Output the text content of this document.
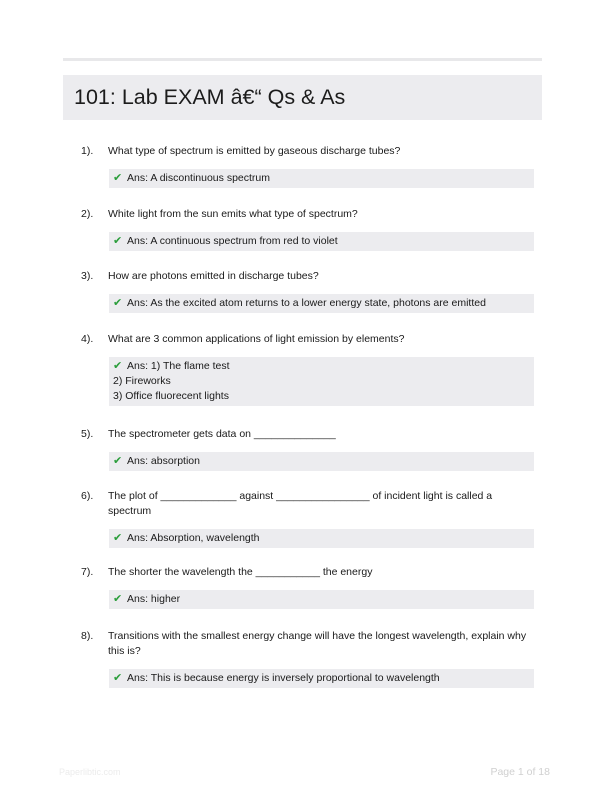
101: Lab EXAM â€“ Qs & As
1).	What type of spectrum is emitted by gaseous discharge tubes?
✔ Ans: A discontinuous spectrum
2).	White light from the sun emits what type of spectrum?
✔ Ans: A continuous spectrum from red to violet
3).	How are photons emitted in discharge tubes?
✔ Ans: As the excited atom returns to a lower energy state, photons are emitted
4).	What are 3 common applications of light emission by elements?
✔ Ans: 1) The flame test
2) Fireworks
3) Office fluorecent lights
5).	The spectrometer gets data on ______________
✔ Ans: absorption
6).	The plot of _____________ against ________________ of incident light is called a spectrum
✔ Ans: Absorption, wavelength
7).	The shorter the wavelength the ___________ the energy
✔ Ans: higher
8).	Transitions with the smallest energy change will have the longest wavelength, explain why this is?
✔ Ans: This is because energy is inversely proportional to wavelength
Paperlibtic.com	Page 1 of 18
